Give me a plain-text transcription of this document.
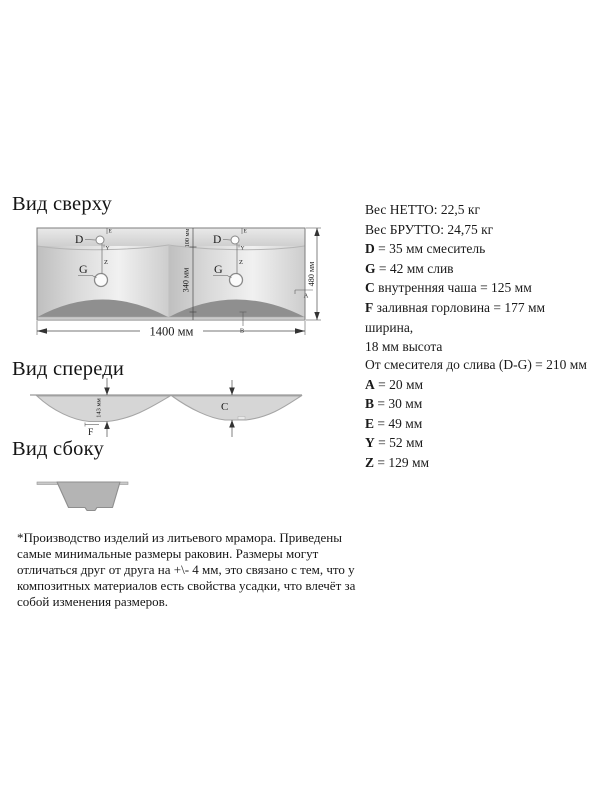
Вид сверху
D
E
Y
Z
G
D
E
Y
Z
G
100 мм
340 мм
A
B
480 мм
1400 мм
Вес НЕТТО: 22,5 кг
Вес БРУТТО: 24,75 кг
D = 35 мм смеситель
G = 42 мм слив
C внутренняя чаша = 125 мм
F заливная горловина = 177 мм ширина,
18 мм высота
От смесителя до слива (D-G) = 210 мм
A = 20 мм
B = 30 мм
E = 49 мм
Y = 52 мм
Z = 129 мм
Вид спереди
143 мм
F
C
Вид сбоку
*Производство изделий из литьевого мрамора. Приведены
самые минимальные размеры раковин. Размеры могут
отличаться друг от друга на +\- 4 мм, это связано с тем, что у
композитных материалов есть свойства усадки, что влечёт за
собой изменения размеров.
